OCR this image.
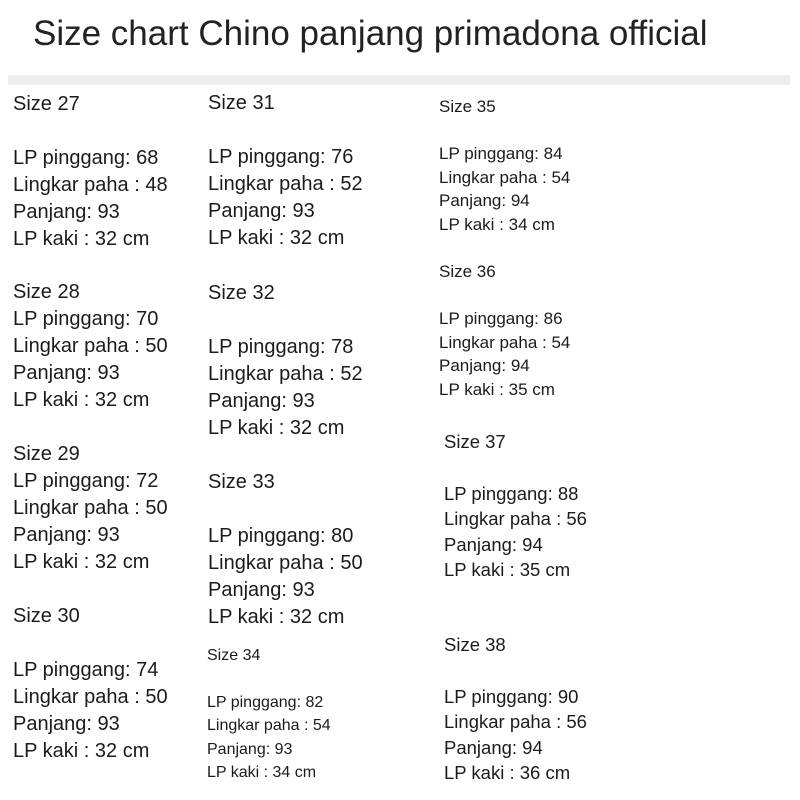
Size chart Chino panjang primadona official
Size 27
LP pinggang: 68
Lingkar paha : 48
Panjang: 93
LP kaki : 32 cm
Size 28
LP pinggang: 70
Lingkar paha : 50
Panjang: 93
LP kaki : 32 cm
Size 29
LP pinggang: 72
Lingkar paha : 50
Panjang: 93
LP kaki : 32 cm
Size 30
LP pinggang: 74
Lingkar paha : 50
Panjang: 93
LP kaki : 32 cm
Size 31
LP pinggang: 76
Lingkar paha : 52
Panjang: 93
LP kaki : 32 cm
Size 32
LP pinggang: 78
Lingkar paha : 52
Panjang: 93
LP kaki : 32 cm
Size 33
LP pinggang: 80
Lingkar paha : 50
Panjang: 93
LP kaki : 32 cm
Size 34
LP pinggang: 82
Lingkar paha : 54
Panjang: 93
LP kaki : 34 cm
Size 35
LP pinggang: 84
Lingkar paha : 54
Panjang: 94
LP kaki : 34 cm
Size 36
LP pinggang: 86
Lingkar paha : 54
Panjang: 94
LP kaki : 35 cm
Size 37
LP pinggang: 88
Lingkar paha : 56
Panjang: 94
LP kaki : 35 cm
Size 38
LP pinggang: 90
Lingkar paha : 56
Panjang: 94
LP kaki : 36 cm
